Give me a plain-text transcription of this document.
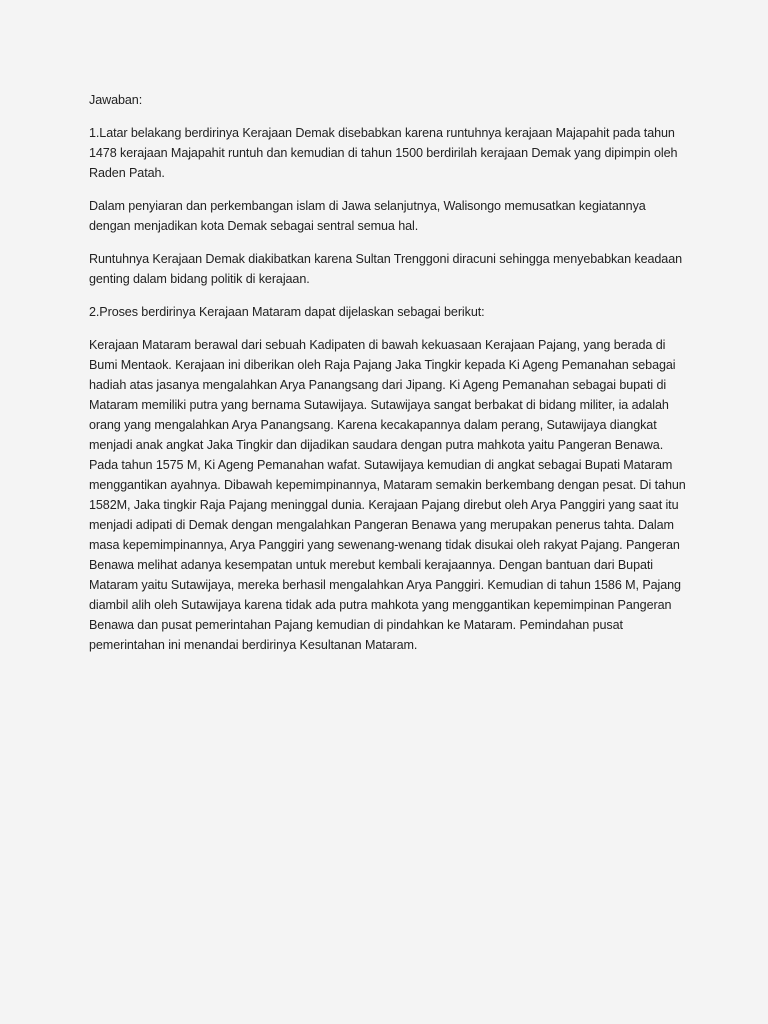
Jawaban:

1.Latar belakang berdirinya Kerajaan Demak disebabkan karena runtuhnya kerajaan Majapahit pada tahun 1478 kerajaan Majapahit runtuh dan kemudian di tahun 1500 berdirilah kerajaan Demak yang dipimpin oleh Raden Patah.

Dalam penyiaran dan perkembangan islam di Jawa selanjutnya, Walisongo memusatkan kegiatannya dengan menjadikan kota Demak sebagai sentral semua hal.

Runtuhnya Kerajaan Demak diakibatkan karena Sultan Trenggoni diracuni sehingga menyebabkan keadaan genting dalam bidang politik di kerajaan.

2.Proses berdirinya Kerajaan Mataram dapat dijelaskan sebagai berikut:

Kerajaan Mataram berawal dari sebuah Kadipaten di bawah kekuasaan Kerajaan Pajang, yang berada di Bumi Mentaok. Kerajaan ini diberikan oleh Raja Pajang Jaka Tingkir kepada Ki Ageng Pemanahan sebagai hadiah atas jasanya mengalahkan Arya Panangsang dari Jipang. Ki Ageng Pemanahan sebagai bupati di Mataram memiliki putra yang bernama Sutawijaya. Sutawijaya sangat berbakat di bidang militer, ia adalah orang yang mengalahkan Arya Panangsang. Karena kecakapannya dalam perang, Sutawijaya diangkat menjadi anak angkat Jaka Tingkir dan dijadikan saudara dengan putra mahkota yaitu Pangeran Benawa. Pada tahun 1575 M, Ki Ageng Pemanahan wafat. Sutawijaya kemudian di angkat sebagai Bupati Mataram menggantikan ayahnya. Dibawah kepemimpinannya, Mataram semakin berkembang dengan pesat. Di tahun 1582M, Jaka tingkir Raja Pajang meninggal dunia. Kerajaan Pajang direbut oleh Arya Panggiri yang saat itu menjadi adipati di Demak dengan mengalahkan Pangeran Benawa yang merupakan penerus tahta. Dalam masa kepemimpinannya, Arya Panggiri yang sewenang-wenang tidak disukai oleh rakyat Pajang. Pangeran Benawa melihat adanya kesempatan untuk merebut kembali kerajaannya. Dengan bantuan dari Bupati Mataram yaitu Sutawijaya, mereka berhasil mengalahkan Arya Panggiri. Kemudian di tahun 1586 M, Pajang diambil alih oleh Sutawijaya karena tidak ada putra mahkota yang menggantikan kepemimpinan Pangeran Benawa dan pusat pemerintahan Pajang kemudian di pindahkan ke Mataram. Pemindahan pusat pemerintahan ini menandai berdirinya Kesultanan Mataram.
